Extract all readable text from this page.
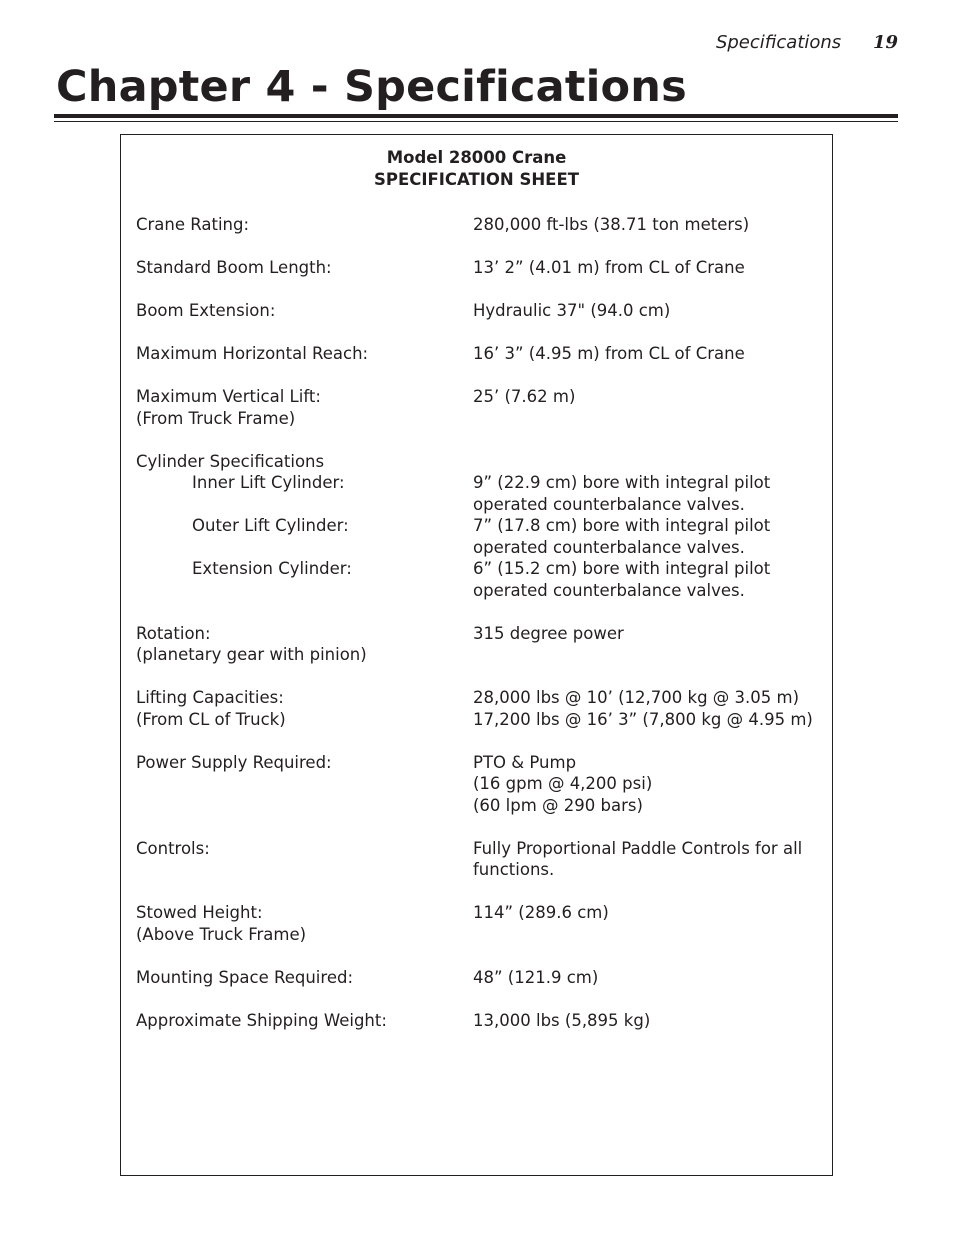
Specifications 19
Chapter 4 - Specifications
Model 28000 Crane
SPECIFICATION SHEET
Crane Rating:	280,000 ft-lbs (38.71 ton meters)
Standard Boom Length:	13’ 2” (4.01 m) from CL of Crane
Boom Extension:	Hydraulic 37" (94.0 cm)
Maximum Horizontal Reach:	16’ 3” (4.95 m) from CL of Crane
Maximum Vertical Lift:	25’ (7.62 m)
(From Truck Frame)
Cylinder Specifications
Inner Lift Cylinder:	9” (22.9 cm) bore with integral pilot
operated counterbalance valves.
Outer Lift Cylinder:	7” (17.8 cm) bore with integral pilot
operated counterbalance valves.
Extension Cylinder:	6” (15.2 cm) bore with integral pilot
operated counterbalance valves.
Rotation:	315 degree power
(planetary gear with pinion)
Lifting Capacities:	28,000 lbs @ 10’ (12,700 kg @ 3.05 m)
(From CL of Truck)	17,200 lbs @ 16’ 3” (7,800 kg @ 4.95 m)
Power Supply Required:	PTO & Pump
(16 gpm @ 4,200 psi)
(60 lpm @ 290 bars)
Controls:	Fully Proportional Paddle Controls for all
functions.
Stowed Height:	114” (289.6 cm)
(Above Truck Frame)
Mounting Space Required:	48” (121.9 cm)
Approximate Shipping Weight:	13,000 lbs (5,895 kg)
